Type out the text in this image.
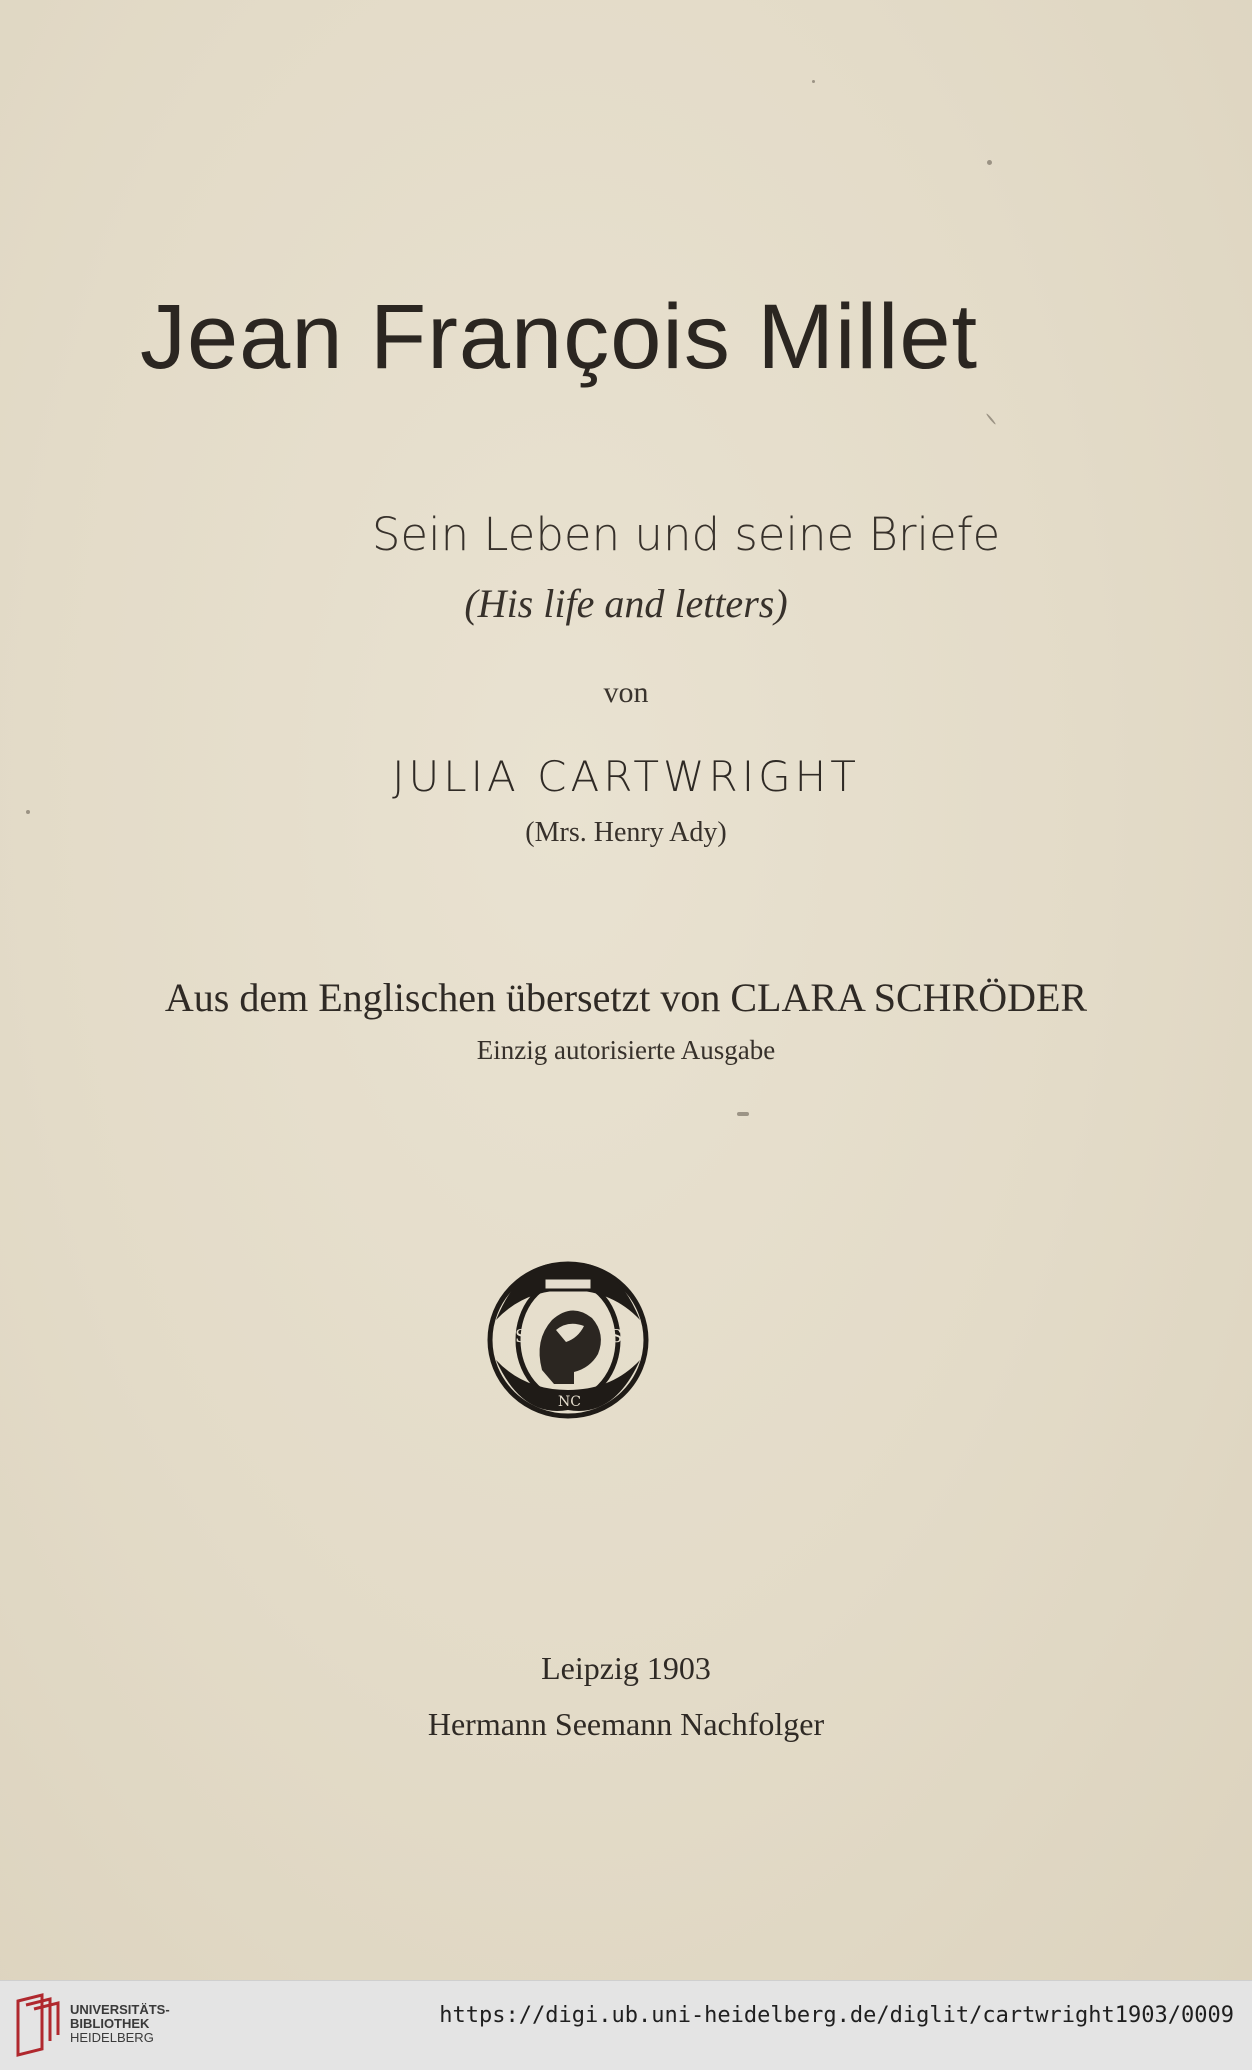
Jean François Millet
Sein Leben und seine Briefe
(His life and letters)
von
JULIA CARTWRIGHT
(Mrs. Henry Ady)
Aus dem Englischen übersetzt von CLARA SCHRÖDER
Einzig autorisierte Ausgabe
S	S
NC
Leipzig 1903
Hermann Seemann Nachfolger
UNIVERSITÄTS-
BIBLIOTHEK
HEIDELBERG
https://digi.ub.uni-heidelberg.de/diglit/cartwright1903/0009
